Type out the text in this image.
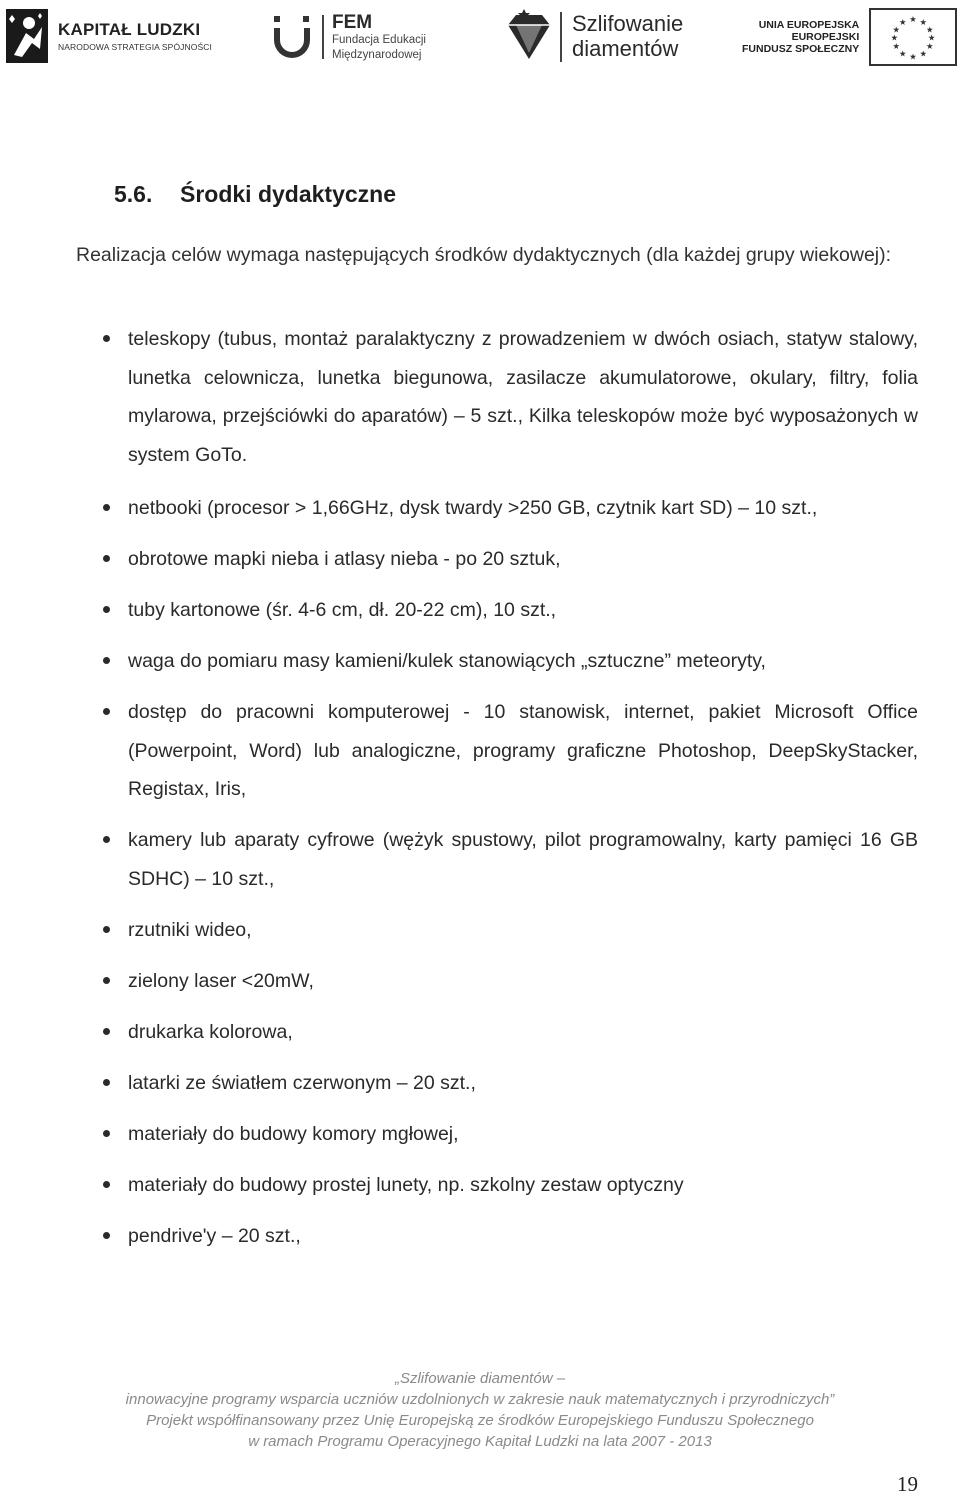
KAPITAŁ LUDZKI
NARODOWA STRATEGIA SPÓJNOŚCI
FEM
Fundacja Edukacji
Międzynarodowej
Szlifowanie
diamentów
UNIA EUROPEJSKA
EUROPEJSKI
FUNDUSZ SPOŁECZNY
★ ★
★
★
★
★
★
★
★
★
★
★
5.6. Środki dydaktyczne

Realizacja celów wymaga następujących środków dydaktycznych (dla każdej grupy wiekowej):

teleskopy (tubus, montaż paralaktyczny z prowadzeniem w dwóch osiach, statyw stalowy, lunetka celownicza, lunetka biegunowa, zasilacze akumulatorowe, okulary, filtry, folia mylarowa, przejściówki do aparatów) – 5 szt., Kilka teleskopów może być wyposażonych w system GoTo.
netbooki (procesor > 1,66GHz, dysk twardy >250 GB, czytnik kart SD) – 10 szt.,
obrotowe mapki nieba i atlasy nieba - po 20 sztuk,
tuby kartonowe (śr. 4-6 cm, dł. 20-22 cm), 10 szt.,
waga do pomiaru masy kamieni/kulek stanowiących „sztuczne” meteoryty,
dostęp do pracowni komputerowej - 10 stanowisk, internet, pakiet Microsoft Office (Powerpoint, Word) lub analogiczne, programy graficzne Photoshop, DeepSkyStacker, Registax, Iris,
kamery lub aparaty cyfrowe (wężyk spustowy, pilot programowalny, karty pamięci 16 GB SDHC) – 10 szt.,
rzutniki wideo,
zielony laser <20mW,
drukarka kolorowa,
latarki ze światłem czerwonym – 20 szt.,
materiały do budowy komory mgłowej,
materiały do budowy prostej lunety, np. szkolny zestaw optyczny
pendrive'y – 20 szt.,
„Szlifowanie diamentów –
innowacyjne programy wsparcia uczniów uzdolnionych w zakresie nauk matematycznych i przyrodniczych”
Projekt współfinansowany przez Unię Europejską ze środków Europejskiego Funduszu Społecznego
w ramach Programu Operacyjnego Kapitał Ludzki na lata 2007 - 2013
19
